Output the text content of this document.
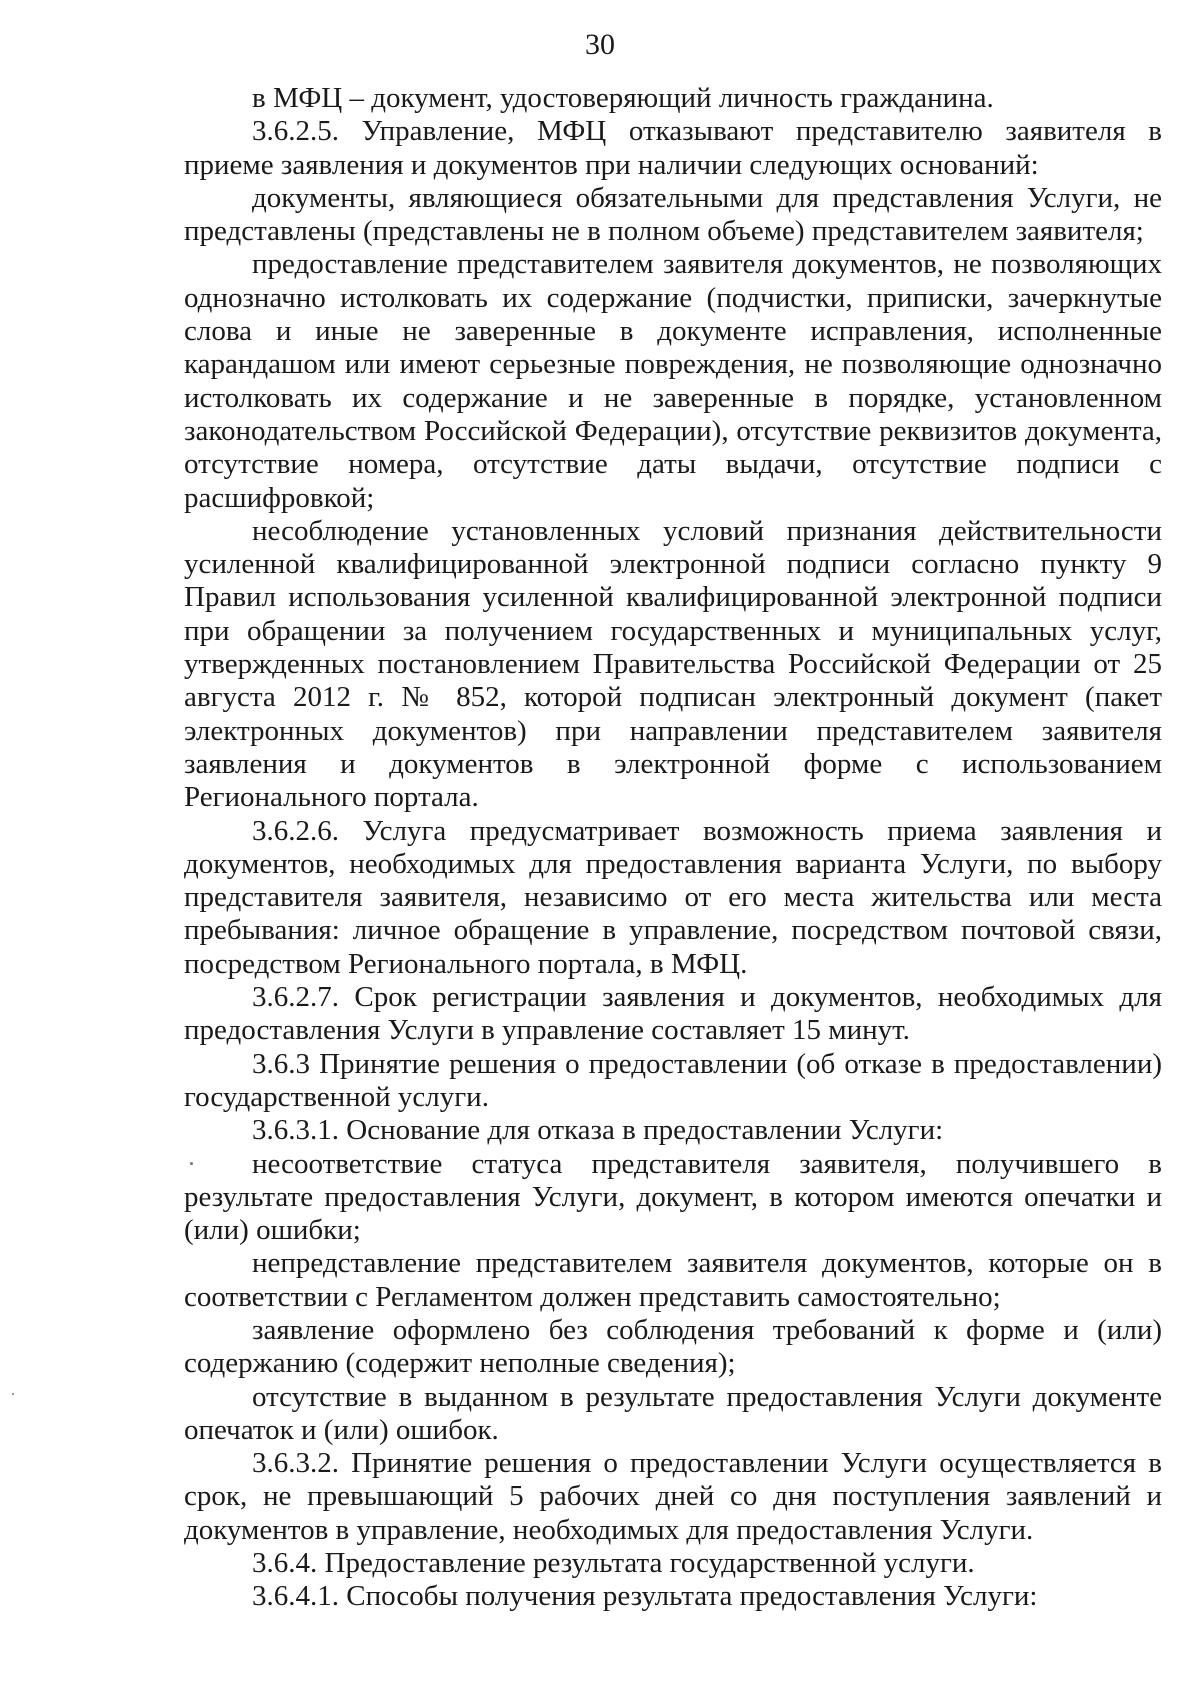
30

в МФЦ – документ, удостоверяющий личность гражданина.

3.6.2.5. Управление, МФЦ отказывают представителю заявителя в приеме заявления и документов при наличии следующих оснований:

документы, являющиеся обязательными для представления Услуги, не представлены (представлены не в полном объеме) представителем заявителя;

предоставление представителем заявителя документов, не позволяющих однозначно истолковать их содержание (подчистки, приписки, зачеркнутые слова и иные не заверенные в документе исправления, исполненные карандашом или имеют серьезные повреждения, не позволяющие однозначно истолковать их содержание и не заверенные в порядке, установленном законодательством Российской Федерации), отсутствие реквизитов документа, отсутствие номера, отсутствие даты выдачи, отсутствие подписи с расшифровкой;

несоблюдение установленных условий признания действительности усиленной квалифицированной электронной подписи согласно пункту 9 Правил использования усиленной квалифицированной электронной подписи при обращении за получением государственных и муниципальных услуг, утвержденных постановлением Правительства Российской Федерации от 25 августа 2012 г. № 852, которой подписан электронный документ (пакет электронных документов) при направлении представителем заявителя заявления и документов в электронной форме с использованием Регионального портала.

3.6.2.6. Услуга предусматривает возможность приема заявления и документов, необходимых для предоставления варианта Услуги, по выбору представителя заявителя, независимо от его места жительства или места пребывания: личное обращение в управление, посредством почтовой связи, посредством Регионального портала, в МФЦ.

3.6.2.7. Срок регистрации заявления и документов, необходимых для предоставления Услуги в управление составляет 15 минут.

3.6.3 Принятие решения о предоставлении (об отказе в предоставлении) государственной услуги.

3.6.3.1. Основание для отказа в предоставлении Услуги:

несоответствие статуса представителя заявителя, получившего в результате предоставления Услуги, документ, в котором имеются опечатки и (или) ошибки;

непредставление представителем заявителя документов, которые он в соответствии с Регламентом должен представить самостоятельно;

заявление оформлено без соблюдения требований к форме и (или) содержанию (содержит неполные сведения);

отсутствие в выданном в результате предоставления Услуги документе опечаток и (или) ошибок.

3.6.3.2. Принятие решения о предоставлении Услуги осуществляется в срок, не превышающий 5 рабочих дней со дня поступления заявлений и документов в управление, необходимых для предоставления Услуги.

3.6.4. Предоставление результата государственной услуги.

3.6.4.1. Способы получения результата предоставления Услуги:
